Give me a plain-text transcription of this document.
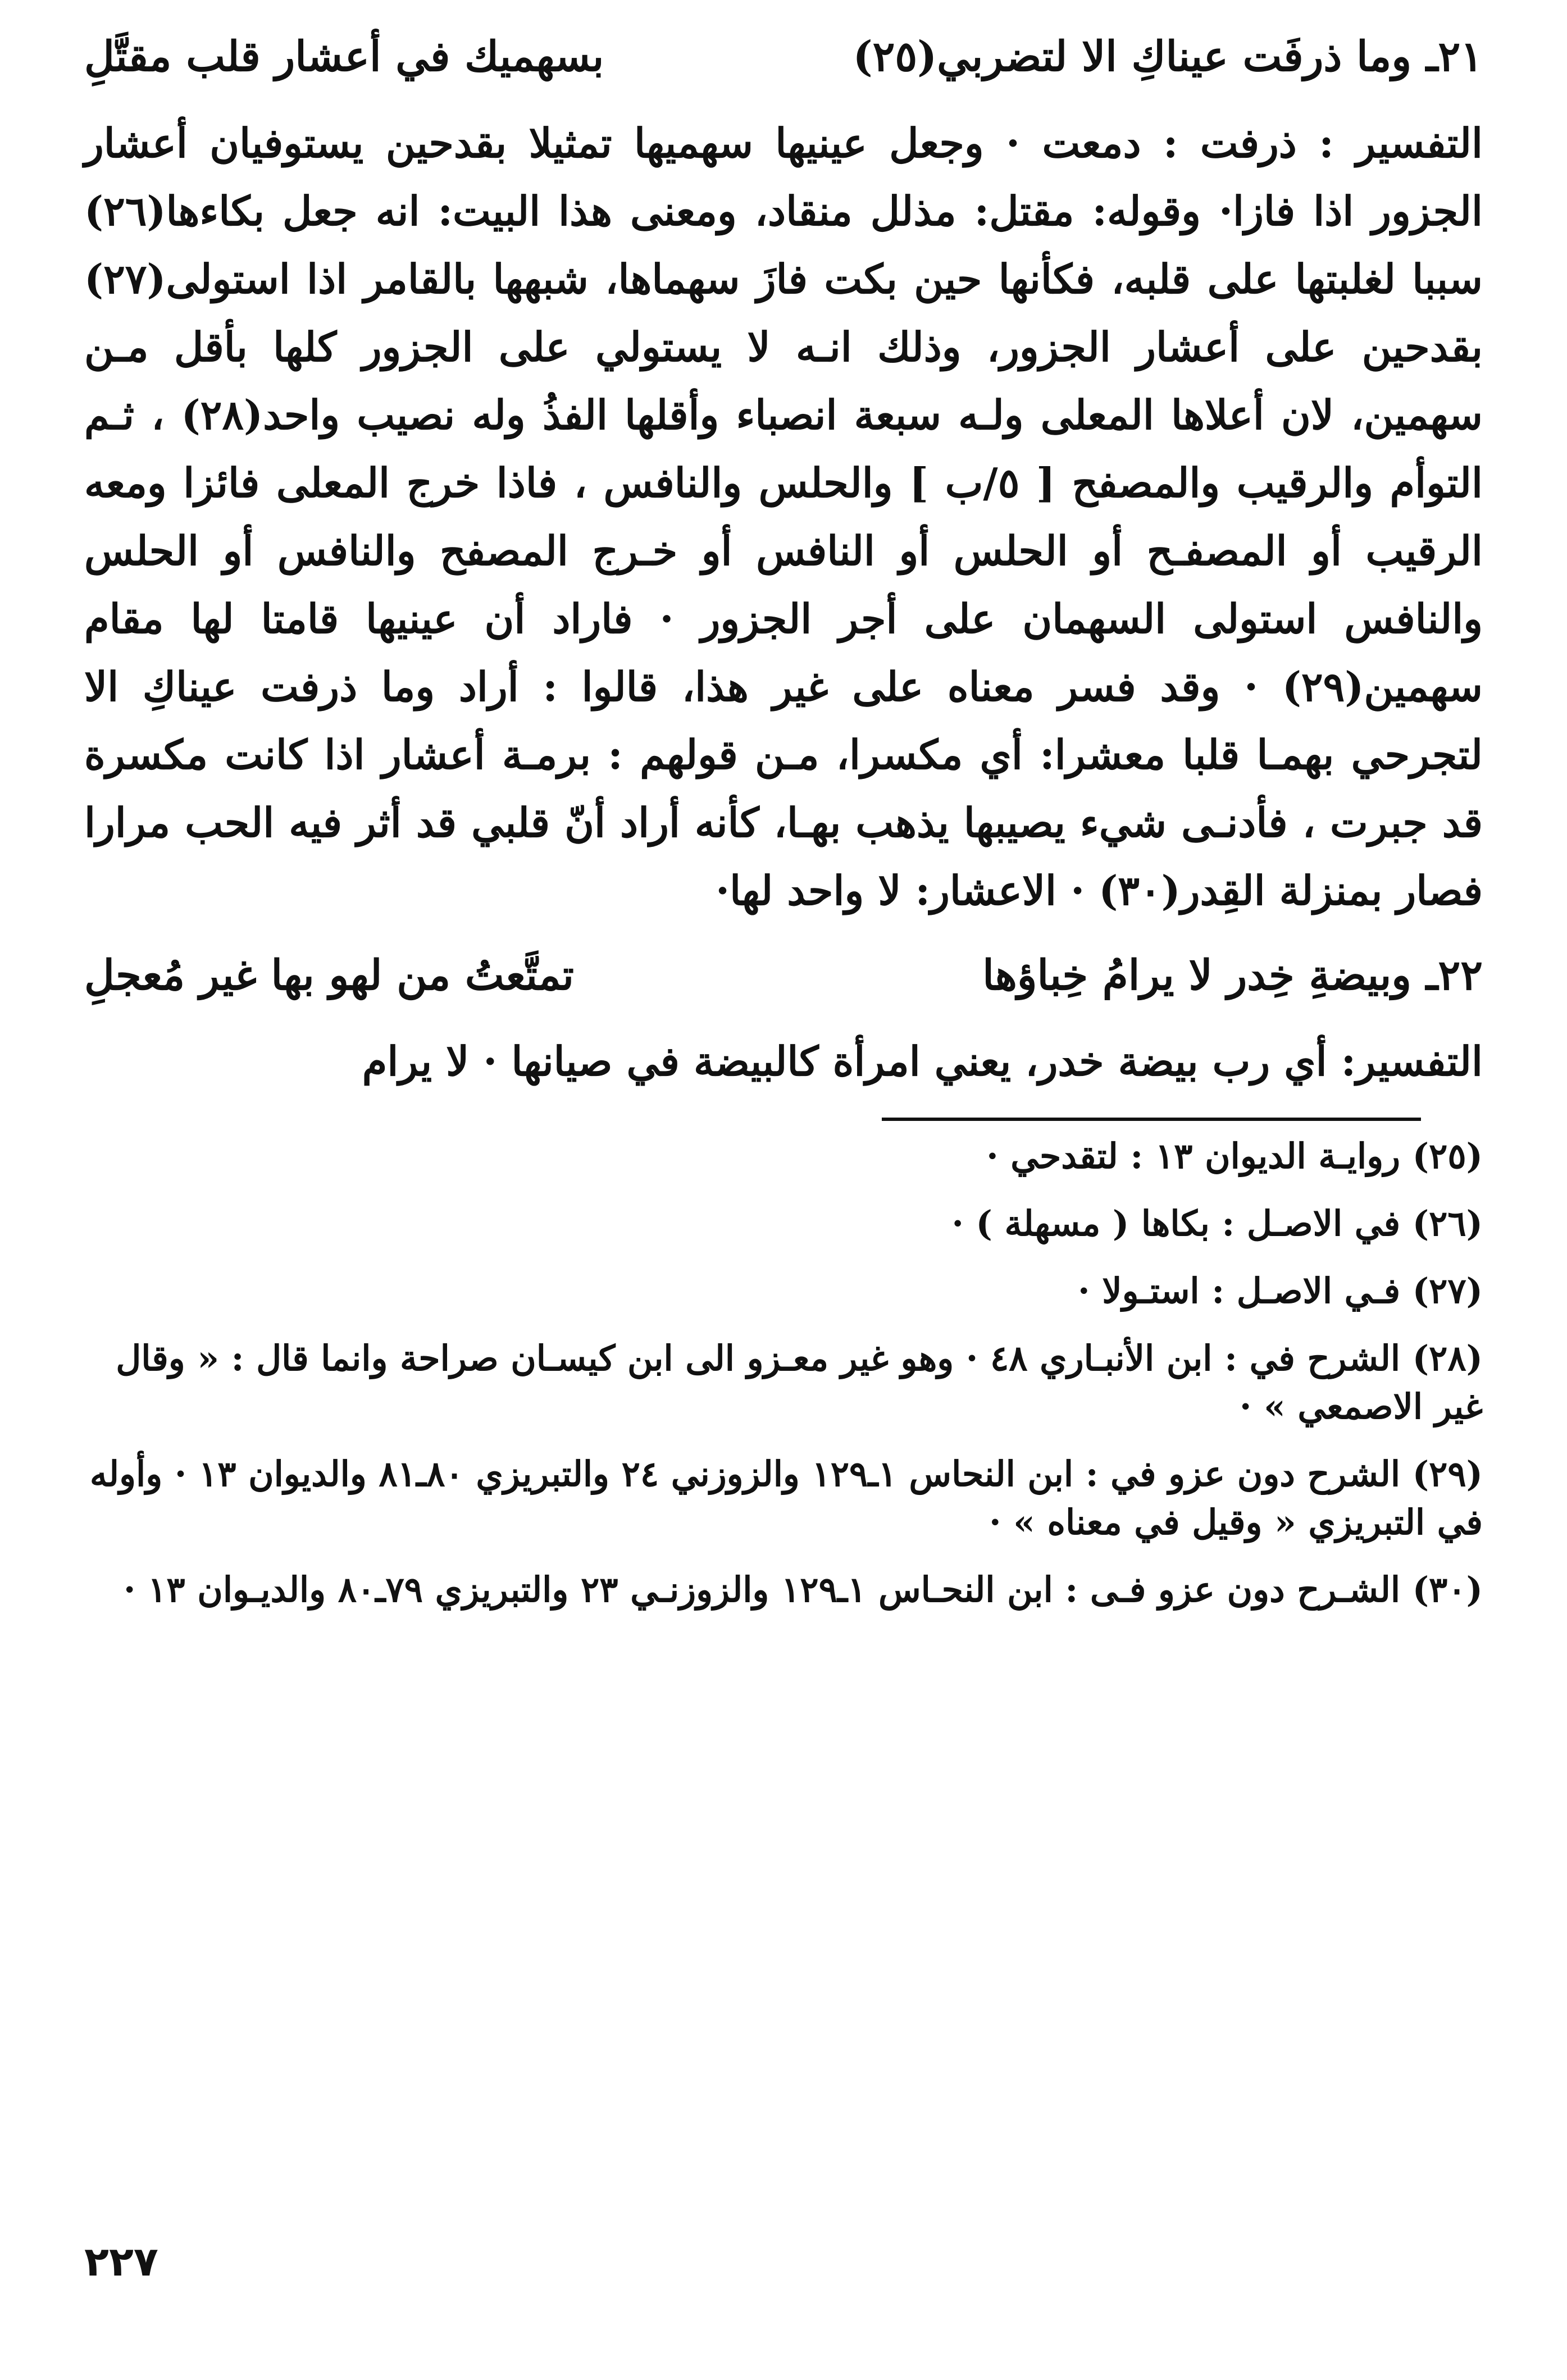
٢١ـ وما ذرفَت عيناكِ الا لتضربي(٢٥)
بسهميك في أعشار قلب مقتَّلِ

التفسير : ذرفت : دمعت · وجعل عينيها سهميها تمثيلا بقدحين يستوفيان أعشار الجزور اذا فازا· وقوله: مقتل: مذلل منقاد، ومعنى هذا البيت: انه جعل بكاءها(٢٦) سببا لغلبتها على قلبه، فكأنها حين بكت فازَ سهماها، شبهها بالقامر اذا استولى(٢٧) بقدحين على أعشار الجزور، وذلك انـه لا يستولي على الجزور كلها بأقل مـن سهمين، لان أعلاها المعلى ولـه سبعة انصباء وأقلها الفذُ وله نصيب واحد(٢٨) ، ثـم التوأم والرقيب والمصفح [ ٥/ب ] والحلس والنافس ، فاذا خرج المعلى فائزا ومعه الرقيب أو المصفـح أو الحلس أو النافس أو خـرج المصفح والنافس أو الحلس والنافس استولى السهمان على أجر الجزور · فاراد أن عينيها قامتا لها مقام سهمين(٢٩) · وقد فسر معناه على غير هذا، قالوا : أراد وما ذرفت عيناكِ الا لتجرحي بهمـا قلبا معشرا: أي مكسرا، مـن قولهم : برمـة أعشار اذا كانت مكسرة قد جبرت ، فأدنـى شيء يصيبها يذهب بهـا، كأنه أراد أنّ قلبي قد أثر فيه الحب مرارا فصار بمنزلة القِدر(٣٠) · الاعشار: لا واحد لها·

٢٢ـ وبيضةِ خِدر لا يرامُ خِباؤها
تمتَّعتُ من لهو بها غير مُعجلِ

التفسير: أي رب بيضة خدر، يعني امرأة كالبيضة في صيانها · لا يرام

(٢٥) روايـة الديوان ١٣ : لتقدحي ·
(٢٦) في الاصـل : بكاها ( مسهلة ) ·
(٢٧) فـي الاصـل : استـولا ·
(٢٨) الشرح في : ابن الأنبـاري ٤٨ · وهو غير معـزو الى ابن كيسـان صراحة وانما قال : « وقال غير الاصمعي » ·
(٢٩) الشرح دون عزو في : ابن النحاس ١ـ١٢٩ والزوزني ٢٤ والتبريزي ٨٠ـ٨١ والديوان ١٣ · وأوله في التبريزي « وقيل في معناه » ·
(٣٠) الشـرح دون عزو فـى : ابن النحـاس ١ـ١٢٩ والزوزنـي ٢٣ والتبريزي ٧٩ـ٨٠ والديـوان ١٣ ·
٢٢٧
